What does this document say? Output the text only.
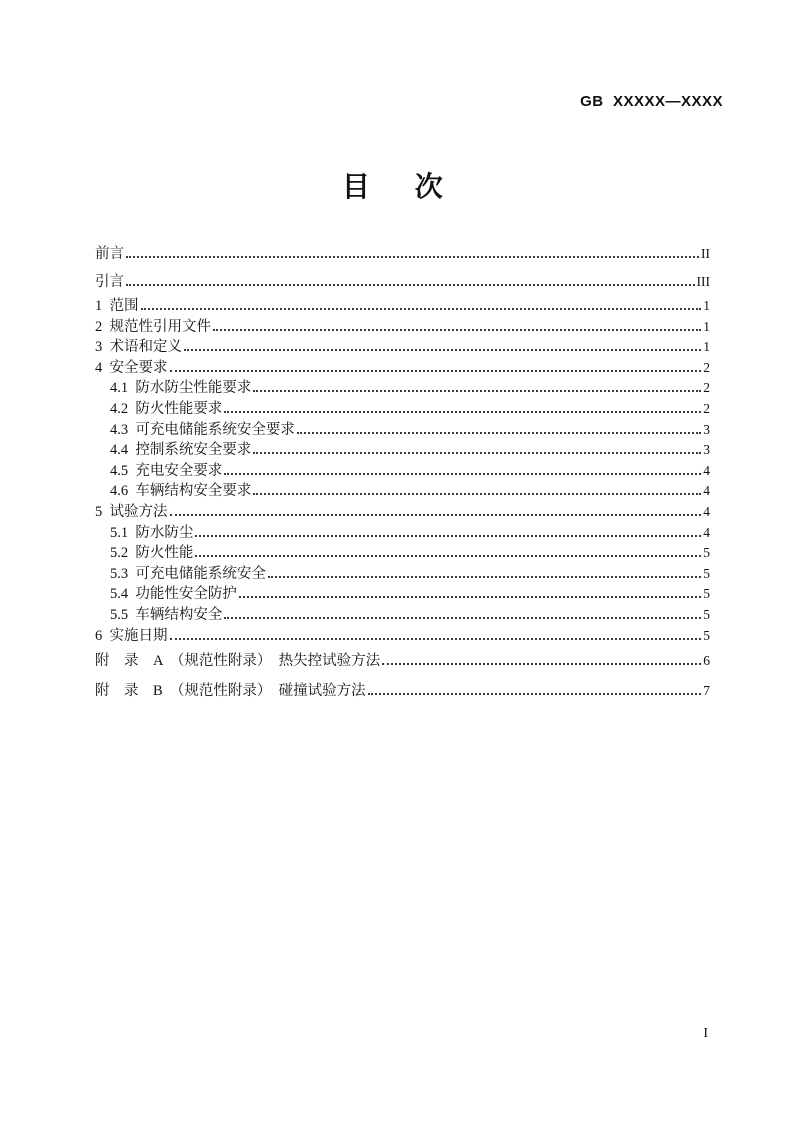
GB  XXXXX—XXXX
目　次
前言	II
引言	III
1  范围	1
2  规范性引用文件	1
3  术语和定义	1
4  安全要求	2
4.1  防水防尘性能要求	2
4.2  防火性能要求	2
4.3  可充电储能系统安全要求	3
4.4  控制系统安全要求	3
4.5  充电安全要求	4
4.6  车辆结构安全要求	4
5  试验方法	4
5.1  防水防尘	4
5.2  防火性能	5
5.3  可充电储能系统安全	5
5.4  功能性安全防护	5
5.5  车辆结构安全	5
6  实施日期	5
附　录　A　（规范性附录）　热失控试验方法	6
附　录　B　（规范性附录）　碰撞试验方法	7
I
